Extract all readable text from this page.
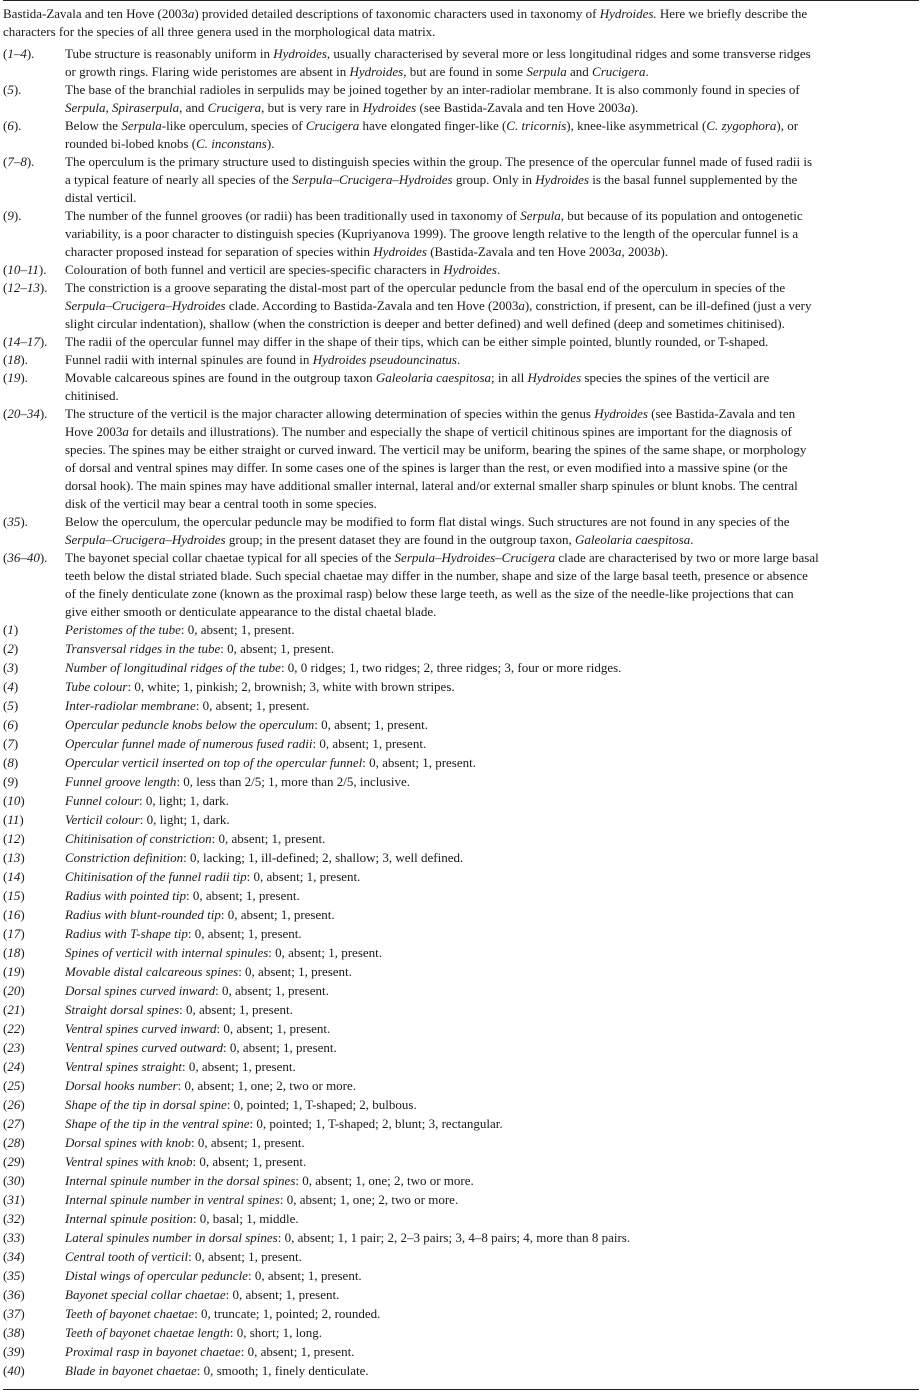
Bastida-Zavala and ten Hove (2003a) provided detailed descriptions of taxonomic characters used in taxonomy of Hydroides. Here we briefly describe the
characters for the species of all three genera used in the morphological data matrix.
(1–4).	Tube structure is reasonably uniform in Hydroides, usually characterised by several more or less longitudinal ridges and some transverse ridges
or growth rings. Flaring wide peristomes are absent in Hydroides, but are found in some Serpula and Crucigera.
(5).	The base of the branchial radioles in serpulids may be joined together by an inter-radiolar membrane. It is also commonly found in species of
Serpula, Spiraserpula, and Crucigera, but is very rare in Hydroides (see Bastida-Zavala and ten Hove 2003a).
(6).	Below the Serpula-like operculum, species of Crucigera have elongated finger-like (C. tricornis), knee-like asymmetrical (C. zygophora), or
rounded bi-lobed knobs (C. inconstans).
(7–8).	The operculum is the primary structure used to distinguish species within the group. The presence of the opercular funnel made of fused radii is
a typical feature of nearly all species of the Serpula–Crucigera–Hydroides group. Only in Hydroides is the basal funnel supplemented by the
distal verticil.
(9).	The number of the funnel grooves (or radii) has been traditionally used in taxonomy of Serpula, but because of its population and ontogenetic
variability, is a poor character to distinguish species (Kupriyanova 1999). The groove length relative to the length of the opercular funnel is a
character proposed instead for separation of species within Hydroides (Bastida-Zavala and ten Hove 2003a, 2003b).
(10–11).	Colouration of both funnel and verticil are species-specific characters in Hydroides.
(12–13).	The constriction is a groove separating the distal-most part of the opercular peduncle from the basal end of the operculum in species of the
Serpula–Crucigera–Hydroides clade. According to Bastida-Zavala and ten Hove (2003a), constriction, if present, can be ill-defined (just a very
slight circular indentation), shallow (when the constriction is deeper and better defined) and well defined (deep and sometimes chitinised).
(14–17).	The radii of the opercular funnel may differ in the shape of their tips, which can be either simple pointed, bluntly rounded, or T-shaped.
(18).	Funnel radii with internal spinules are found in Hydroides pseudouncinatus.
(19).	Movable calcareous spines are found in the outgroup taxon Galeolaria caespitosa; in all Hydroides species the spines of the verticil are
chitinised.
(20–34).	The structure of the verticil is the major character allowing determination of species within the genus Hydroides (see Bastida-Zavala and ten
Hove 2003a for details and illustrations). The number and especially the shape of verticil chitinous spines are important for the diagnosis of
species. The spines may be either straight or curved inward. The verticil may be uniform, bearing the spines of the same shape, or morphology
of dorsal and ventral spines may differ. In some cases one of the spines is larger than the rest, or even modified into a massive spine (or the
dorsal hook). The main spines may have additional smaller internal, lateral and/or external smaller sharp spinules or blunt knobs. The central
disk of the verticil may bear a central tooth in some species.
(35).	Below the operculum, the opercular peduncle may be modified to form flat distal wings. Such structures are not found in any species of the
Serpula–Crucigera–Hydroides group; in the present dataset they are found in the outgroup taxon, Galeolaria caespitosa.
(36–40).	The bayonet special collar chaetae typical for all species of the Serpula–Hydroides–Crucigera clade are characterised by two or more large basal
teeth below the distal striated blade. Such special chaetae may differ in the number, shape and size of the large basal teeth, presence or absence
of the finely denticulate zone (known as the proximal rasp) below these large teeth, as well as the size of the needle-like projections that can
give either smooth or denticulate appearance to the distal chaetal blade.
(1)	Peristomes of the tube: 0, absent; 1, present.
(2)	Transversal ridges in the tube: 0, absent; 1, present.
(3)	Number of longitudinal ridges of the tube: 0, 0 ridges; 1, two ridges; 2, three ridges; 3, four or more ridges.
(4)	Tube colour: 0, white; 1, pinkish; 2, brownish; 3, white with brown stripes.
(5)	Inter-radiolar membrane: 0, absent; 1, present.
(6)	Opercular peduncle knobs below the operculum: 0, absent; 1, present.
(7)	Opercular funnel made of numerous fused radii: 0, absent; 1, present.
(8)	Opercular verticil inserted on top of the opercular funnel: 0, absent; 1, present.
(9)	Funnel groove length: 0, less than 2/5; 1, more than 2/5, inclusive.
(10)	Funnel colour: 0, light; 1, dark.
(11)	Verticil colour: 0, light; 1, dark.
(12)	Chitinisation of constriction: 0, absent; 1, present.
(13)	Constriction definition: 0, lacking; 1, ill-defined; 2, shallow; 3, well defined.
(14)	Chitinisation of the funnel radii tip: 0, absent; 1, present.
(15)	Radius with pointed tip: 0, absent; 1, present.
(16)	Radius with blunt-rounded tip: 0, absent; 1, present.
(17)	Radius with T-shape tip: 0, absent; 1, present.
(18)	Spines of verticil with internal spinules: 0, absent; 1, present.
(19)	Movable distal calcareous spines: 0, absent; 1, present.
(20)	Dorsal spines curved inward: 0, absent; 1, present.
(21)	Straight dorsal spines: 0, absent; 1, present.
(22)	Ventral spines curved inward: 0, absent; 1, present.
(23)	Ventral spines curved outward: 0, absent; 1, present.
(24)	Ventral spines straight: 0, absent; 1, present.
(25)	Dorsal hooks number: 0, absent; 1, one; 2, two or more.
(26)	Shape of the tip in dorsal spine: 0, pointed; 1, T-shaped; 2, bulbous.
(27)	Shape of the tip in the ventral spine: 0, pointed; 1, T-shaped; 2, blunt; 3, rectangular.
(28)	Dorsal spines with knob: 0, absent; 1, present.
(29)	Ventral spines with knob: 0, absent; 1, present.
(30)	Internal spinule number in the dorsal spines: 0, absent; 1, one; 2, two or more.
(31)	Internal spinule number in ventral spines: 0, absent; 1, one; 2, two or more.
(32)	Internal spinule position: 0, basal; 1, middle.
(33)	Lateral spinules number in dorsal spines: 0, absent; 1, 1 pair; 2, 2–3 pairs; 3, 4–8 pairs; 4, more than 8 pairs.
(34)	Central tooth of verticil: 0, absent; 1, present.
(35)	Distal wings of opercular peduncle: 0, absent; 1, present.
(36)	Bayonet special collar chaetae: 0, absent; 1, present.
(37)	Teeth of bayonet chaetae: 0, truncate; 1, pointed; 2, rounded.
(38)	Teeth of bayonet chaetae length: 0, short; 1, long.
(39)	Proximal rasp in bayonet chaetae: 0, absent; 1, present.
(40)	Blade in bayonet chaetae: 0, smooth; 1, finely denticulate.
